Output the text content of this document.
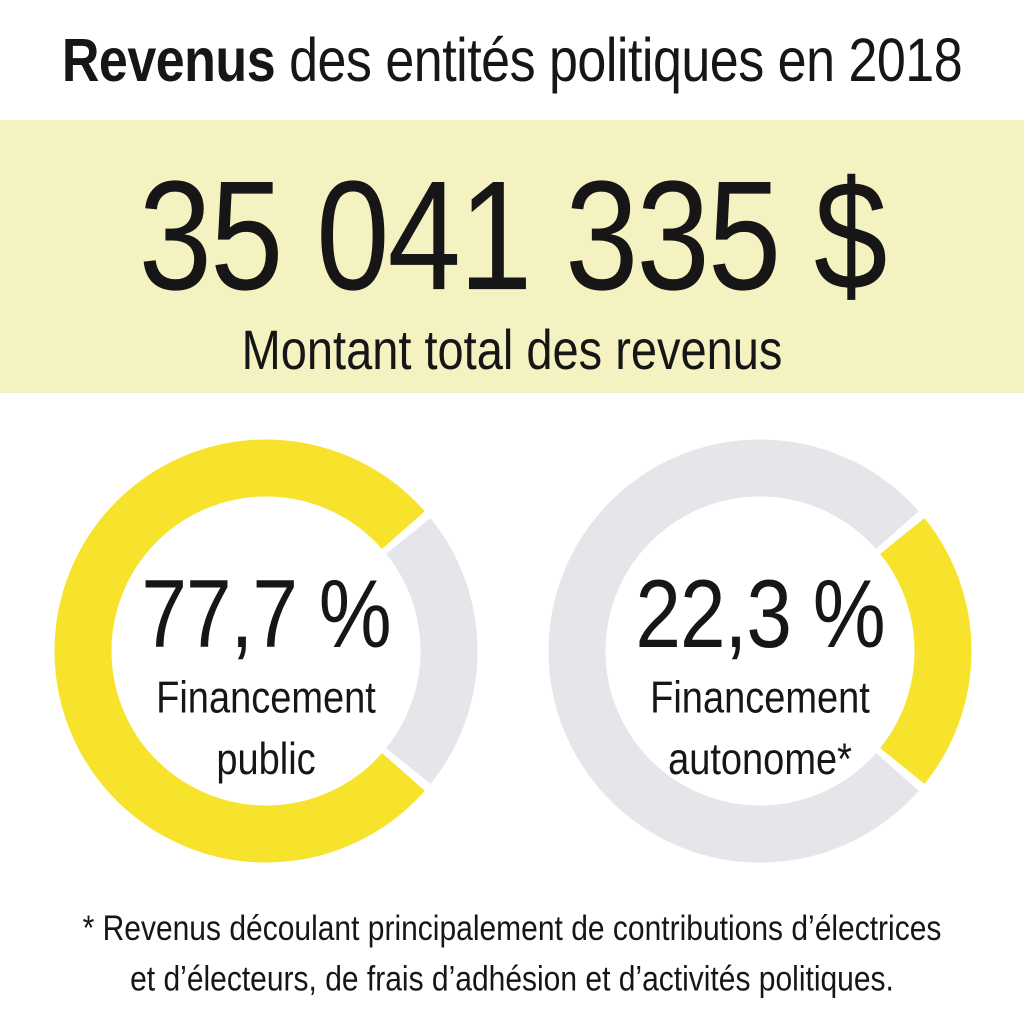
Revenus des entités politiques en 2018
35 041 335 $
Montant total des revenus
77,7 %
Financement
public
22,3 %
Financement
autonome*
* Revenus découlant principalement de contributions d’électrices
et d’électeurs, de frais d’adhésion et d’activités politiques.
